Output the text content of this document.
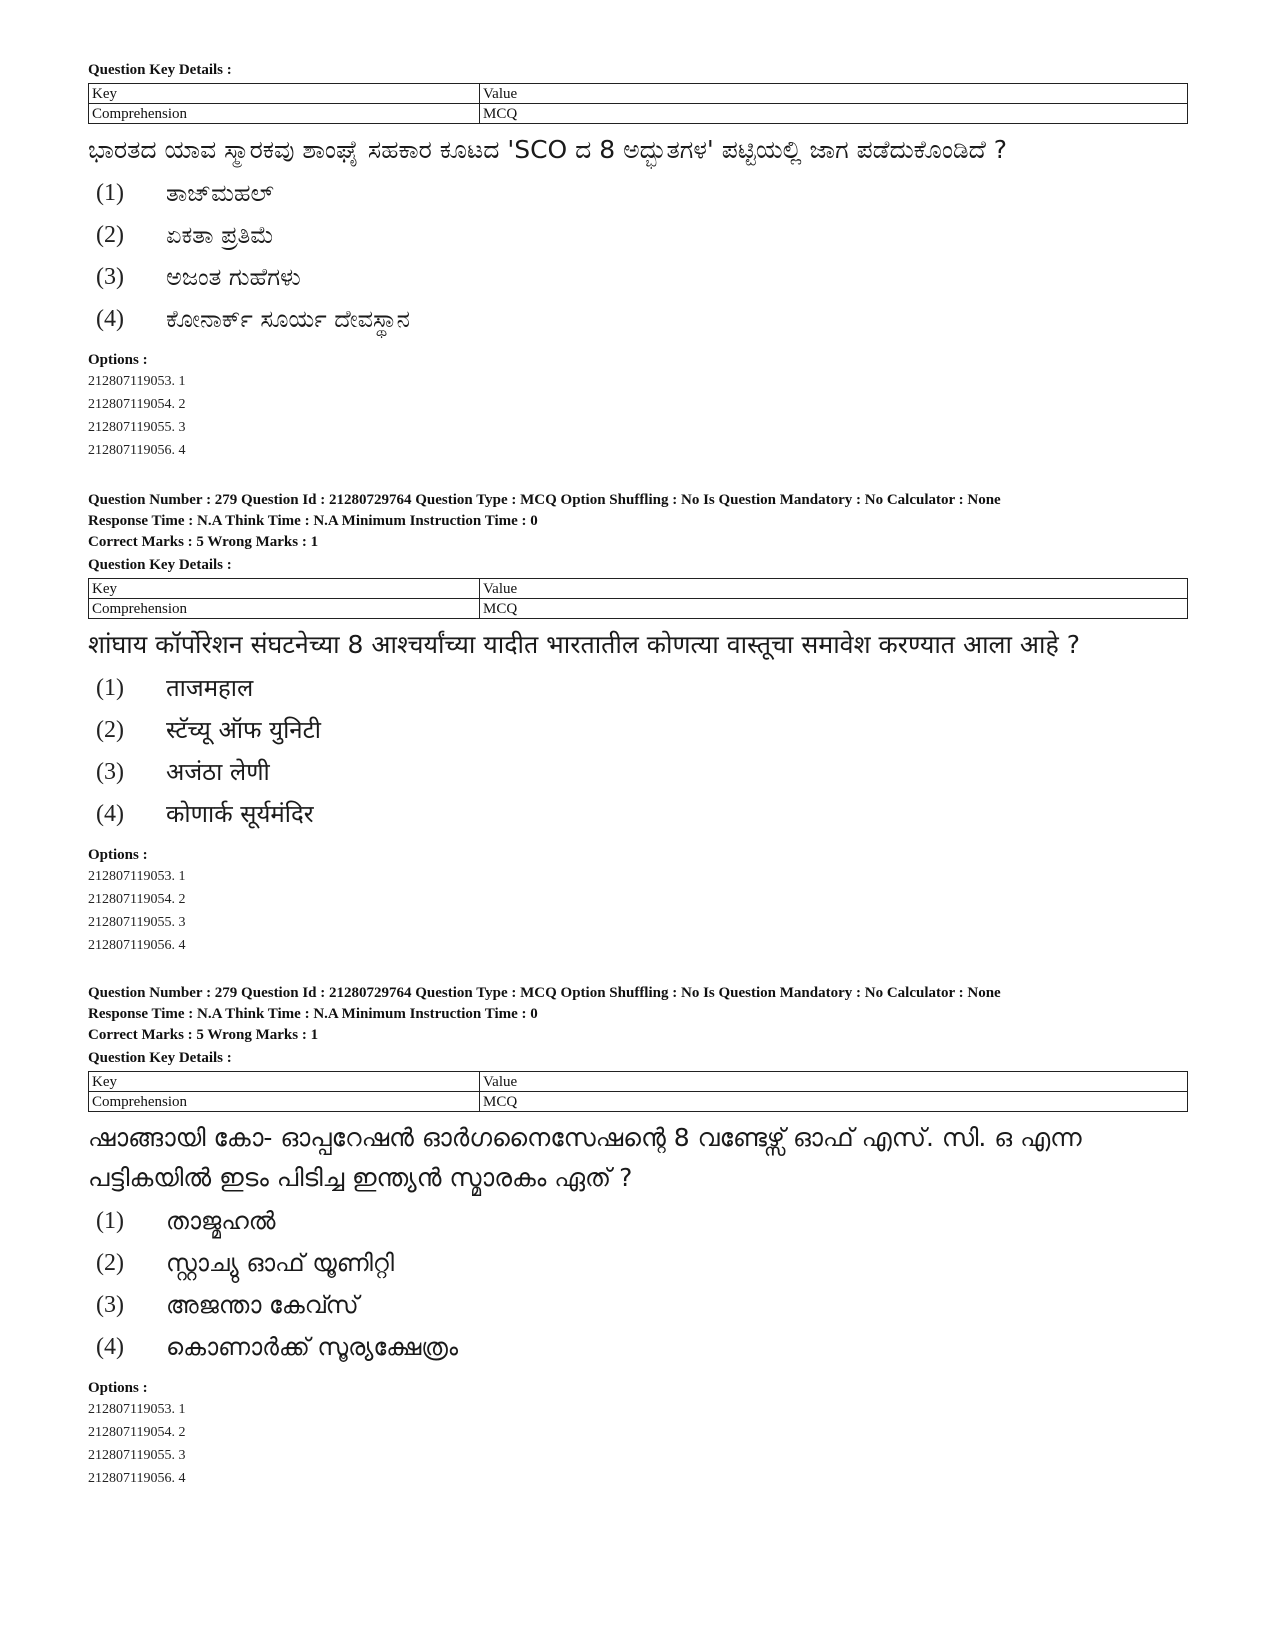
Question Key Details :
Key	Value
Comprehension	MCQ
ಭಾರತದ ಯಾವ ಸ್ಮಾರಕವು ಶಾಂಘೈ ಸಹಕಾರ ಕೂಟದ 'SCO ದ 8 ಅದ್ಭುತಗಳ' ಪಟ್ಟಿಯಲ್ಲಿ ಜಾಗ ಪಡೆದುಕೊಂಡಿದೆ ?
(1)	ತಾಜ್‌ಮಹಲ್
(2)	ಏಕತಾ ಪ್ರತಿಮೆ
(3)	ಅಜಂತ ಗುಹೆಗಳು
(4)	ಕೋನಾರ್ಕ್ ಸೂರ್ಯ ದೇವಸ್ಥಾನ
Options :
212807119053. 1
212807119054. 2
212807119055. 3
212807119056. 4
Question Number : 279 Question Id : 21280729764 Question Type : MCQ Option Shuffling : No Is Question Mandatory : No Calculator : None
Response Time : N.A Think Time : N.A Minimum Instruction Time : 0
Correct Marks : 5 Wrong Marks : 1
Question Key Details :
Key	Value
Comprehension	MCQ
शांघाय कॉर्पोरेशन संघटनेच्या 8 आश्चर्यांच्या यादीत भारतातील कोणत्या वास्तूचा समावेश करण्यात आला आहे ?
(1)	ताजमहाल
(2)	स्टॅच्यू ऑफ युनिटी
(3)	अजंठा लेणी
(4)	कोणार्क सूर्यमंदिर
Options :
212807119053. 1
212807119054. 2
212807119055. 3
212807119056. 4
Question Number : 279 Question Id : 21280729764 Question Type : MCQ Option Shuffling : No Is Question Mandatory : No Calculator : None
Response Time : N.A Think Time : N.A Minimum Instruction Time : 0
Correct Marks : 5 Wrong Marks : 1
Question Key Details :
Key	Value
Comprehension	MCQ
ഷാങ്ങായി കോ- ഓപ്പറേഷൻ ഓർഗനൈസേഷന്റെ 8 വണ്ടേഴ്സ് ഓഫ് എസ്. സി. ഒ എന്ന പട്ടികയിൽ ഇടം പിടിച്ച ഇന്ത്യൻ സ്മാരകം ഏത് ?
(1)	താജ്മഹൽ
(2)	സ്റ്റാച്യു ഓഫ് യൂണിറ്റി
(3)	അജന്താ കേവ്സ്
(4)	കൊണാർക്ക് സൂര്യക്ഷേത്രം
Options :
212807119053. 1
212807119054. 2
212807119055. 3
212807119056. 4
